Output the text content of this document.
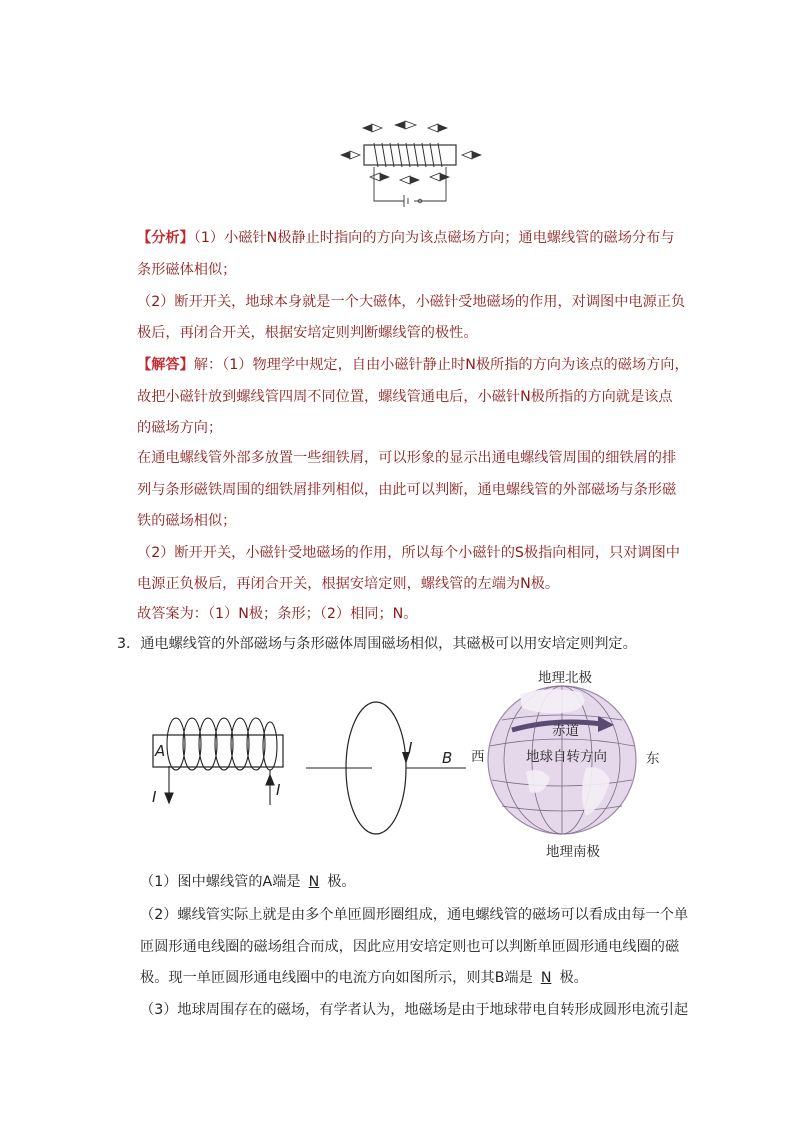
【分析】（1）小磁针N极静止时指向的方向为该点磁场方向；通电螺线管的磁场分布与
条形磁体相似；
（2）断开开关，地球本身就是一个大磁体，小磁针受地磁场的作用，对调图中电源正负
极后，再闭合开关，根据安培定则判断螺线管的极性。
【解答】解：（1）物理学中规定，自由小磁针静止时N极所指的方向为该点的磁场方向，
故把小磁针放到螺线管四周不同位置，螺线管通电后，小磁针N极所指的方向就是该点
的磁场方向；
在通电螺线管外部多放置一些细铁屑，可以形象的显示出通电螺线管周围的细铁屑的排
列与条形磁铁周围的细铁屑排列相似，由此可以判断，通电螺线管的外部磁场与条形磁
铁的磁场相似；
（2）断开开关，小磁针受地磁场的作用，所以每个小磁针的S极指向相同，只对调图中
电源正负极后，再闭合开关，根据安培定则，螺线管的左端为N极。
故答案为：（1）N极；条形；（2）相同；N。
3．通电螺线管的外部磁场与条形磁体周围磁场相似，其磁极可以用安培定则判定。
A
I	I
I
B
地理北极
赤道
地球自转方向
西	东
地理南极
（1）图中螺线管的A端是 N 极。
（2）螺线管实际上就是由多个单匝圆形圈组成，通电螺线管的磁场可以看成由每一个单
匝圆形通电线圈的磁场组合而成，因此应用安培定则也可以判断单匝圆形通电线圈的磁
极。现一单匝圆形通电线圈中的电流方向如图所示，则其B端是 N 极。
（3）地球周围存在的磁场，有学者认为，地磁场是由于地球带电自转形成圆形电流引起
